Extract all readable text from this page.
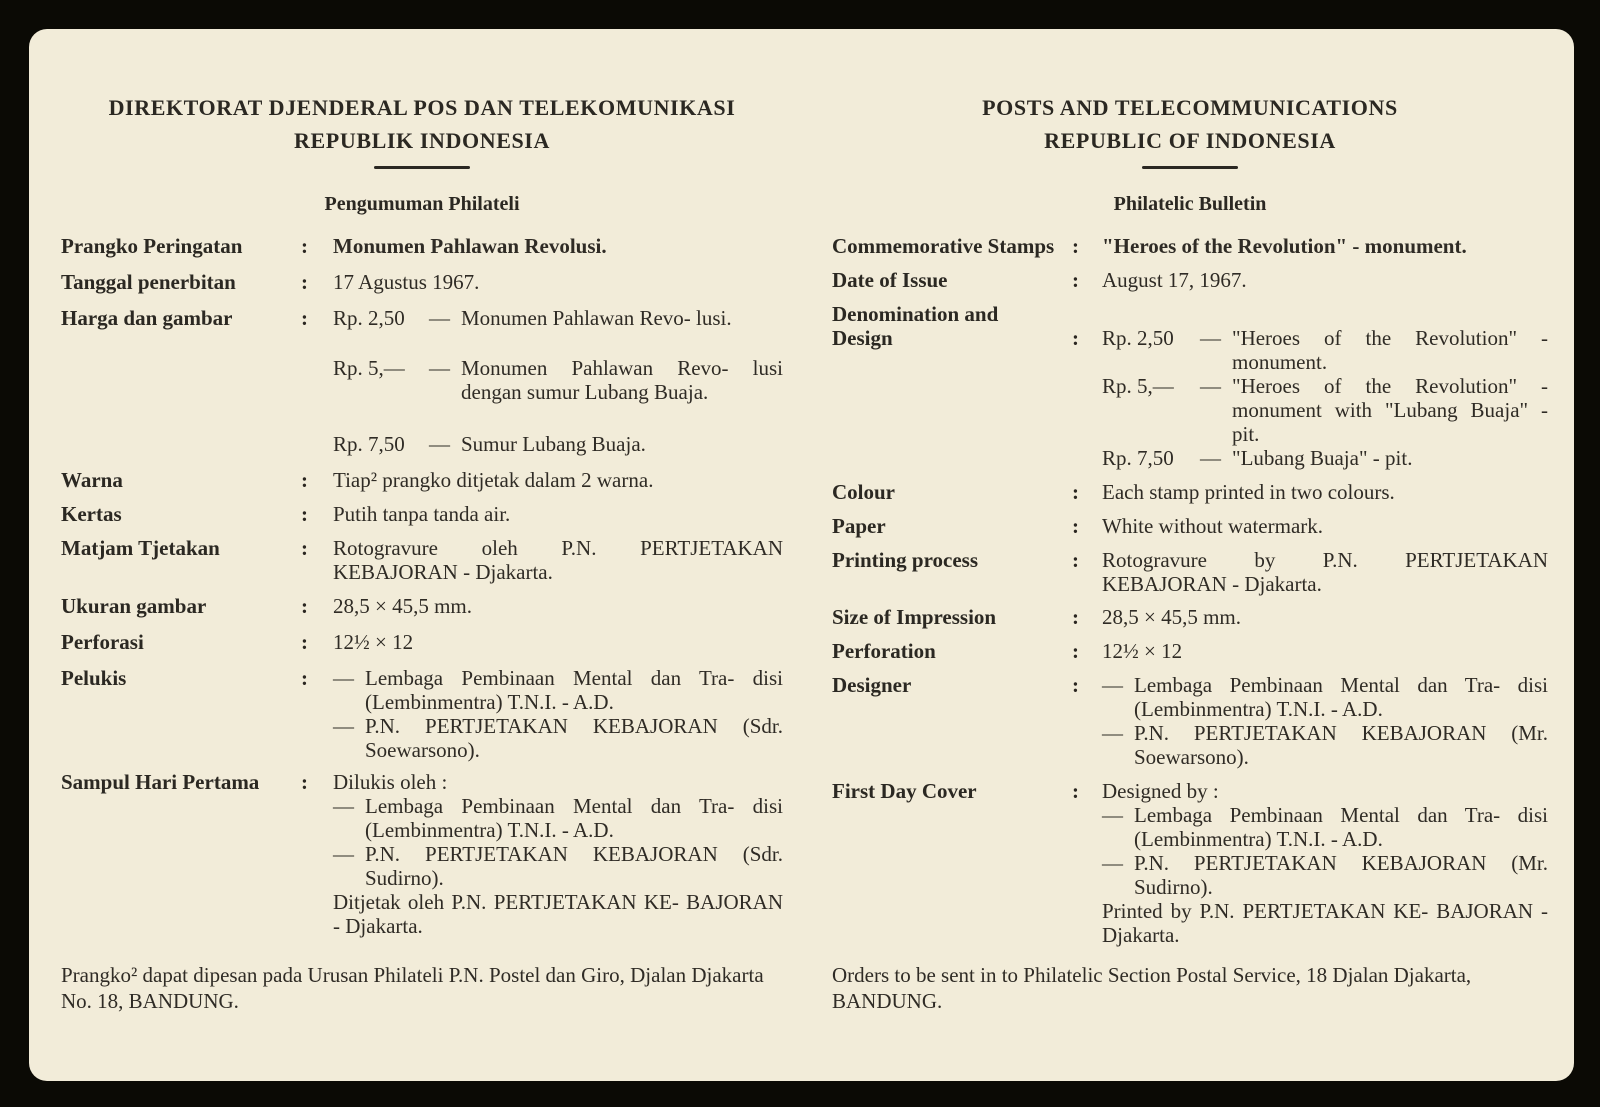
DIREKTORAT DJENDERAL POS DAN TELEKOMUNIKASI
REPUBLIK INDONESIA
Pengumuman Philateli
Prangko Peringatan	: Monumen Pahlawan Revolusi.
Tanggal penerbitan	: 17 Agustus 1967.
Harga dan gambar	: Rp. 2,50	— Monumen Pahlawan Revo- lusi.
Rp. 5,—	— Monumen Pahlawan Revo- lusi dengan sumur Lubang Buaja.
Rp. 7,50	— Sumur Lubang Buaja.
Warna	: Tiap² prangko ditjetak dalam 2 warna.
Kertas	: Putih tanpa tanda air.
Matjam Tjetakan	: Rotogravure oleh P.N. PERTJETAKAN KEBAJORAN - Djakarta.
Ukuran gambar	: 28,5 × 45,5 mm.
Perforasi	: 12½ × 12
Pelukis	: — Lembaga Pembinaan Mental dan Tra- disi (Lembinmentra) T.N.I. - A.D.
— P.N. PERTJETAKAN KEBAJORAN (Sdr. Soewarsono).
Sampul Hari Pertama : Dilukis oleh :
— Lembaga Pembinaan Mental dan Tra- disi (Lembinmentra) T.N.I. - A.D.
— P.N. PERTJETAKAN KEBAJORAN (Sdr. Sudirno).
Ditjetak oleh P.N. PERTJETAKAN KE- BAJORAN - Djakarta.
Prangko² dapat dipesan pada Urusan Philateli P.N. Postel dan Giro, Djalan Djakarta No. 18, BANDUNG.
POSTS AND TELECOMMUNICATIONS
REPUBLIC OF INDONESIA
Philatelic Bulletin
Commemorative Stamps : "Heroes of the Revolution" - monument.
Date of Issue	: August 17, 1967.
Denomination and Design	: Rp. 2,50	— "Heroes of the Revolution" - monument.
Rp. 5,—	— "Heroes of the Revolution" - monument with "Lubang Buaja" - pit.
Rp. 7,50	— "Lubang Buaja" - pit.
Colour	: Each stamp printed in two colours.
Paper	: White without watermark.
Printing process	: Rotogravure by P.N. PERTJETAKAN KEBAJORAN - Djakarta.
Size of Impression	: 28,5 × 45,5 mm.
Perforation	: 12½ × 12
Designer	: — Lembaga Pembinaan Mental dan Tra- disi (Lembinmentra) T.N.I. - A.D.
— P.N. PERTJETAKAN KEBAJORAN (Mr. Soewarsono).
First Day Cover	: Designed by :
— Lembaga Pembinaan Mental dan Tra- disi (Lembinmentra) T.N.I. - A.D.
— P.N. PERTJETAKAN KEBAJORAN (Mr. Sudirno).
Printed by P.N. PERTJETAKAN KE- BAJORAN - Djakarta.
Orders to be sent in to Philatelic Section Postal Service, 18 Djalan Djakarta, BANDUNG.
